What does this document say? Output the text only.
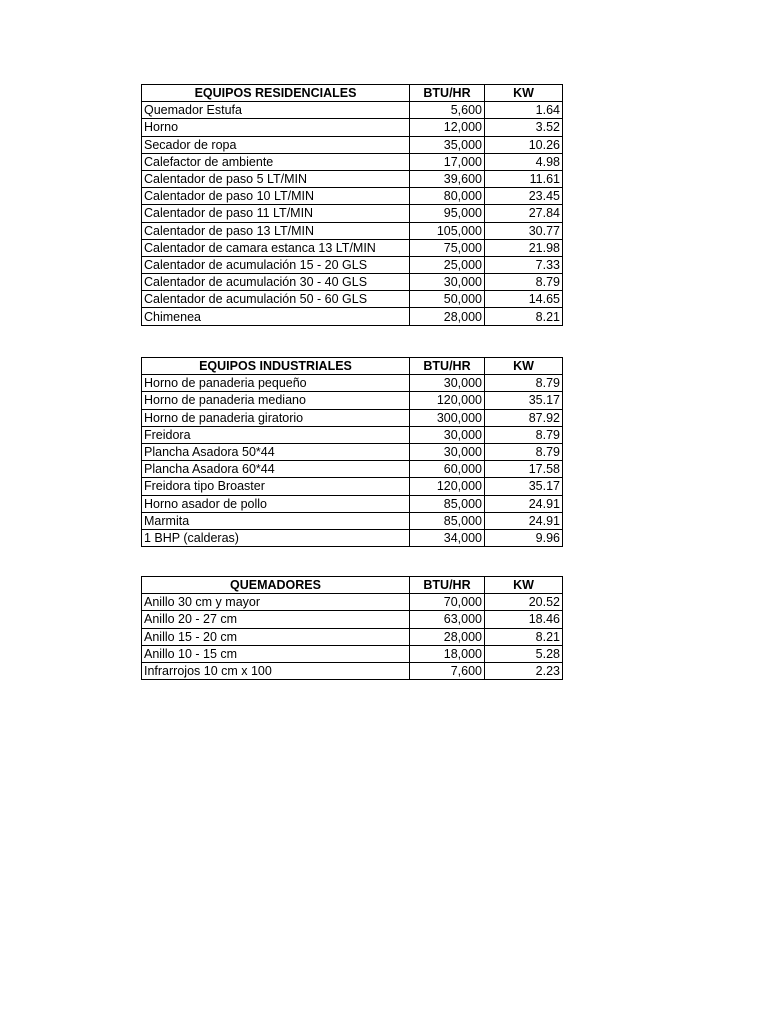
EQUIPOS RESIDENCIALES	BTU/HR	KW
Quemador Estufa	5,600	1.64
Horno	12,000	3.52
Secador de ropa	35,000	10.26
Calefactor de ambiente	17,000	4.98
Calentador de paso 5 LT/MIN	39,600	11.61
Calentador de paso 10 LT/MIN	80,000	23.45
Calentador de paso 11 LT/MIN	95,000	27.84
Calentador de paso 13 LT/MIN	105,000	30.77
Calentador de camara estanca 13 LT/MIN	75,000	21.98
Calentador de acumulación 15 - 20 GLS	25,000	7.33
Calentador de acumulación 30 - 40 GLS	30,000	8.79
Calentador de acumulación 50 - 60 GLS	50,000	14.65
Chimenea	28,000	8.21
EQUIPOS INDUSTRIALES	BTU/HR	KW
Horno de panaderia pequeño	30,000	8.79
Horno de panaderia mediano	120,000	35.17
Horno de panaderia giratorio	300,000	87.92
Freidora	30,000	8.79
Plancha Asadora 50*44	30,000	8.79
Plancha Asadora 60*44	60,000	17.58
Freidora tipo Broaster	120,000	35.17
Horno asador de pollo	85,000	24.91
Marmita	85,000	24.91
1 BHP (calderas)	34,000	9.96
QUEMADORES	BTU/HR	KW
Anillo 30 cm y mayor	70,000	20.52
Anillo 20 - 27 cm	63,000	18.46
Anillo 15 - 20 cm	28,000	8.21
Anillo 10 - 15 cm	18,000	5.28
Infrarrojos 10 cm x 100	7,600	2.23
